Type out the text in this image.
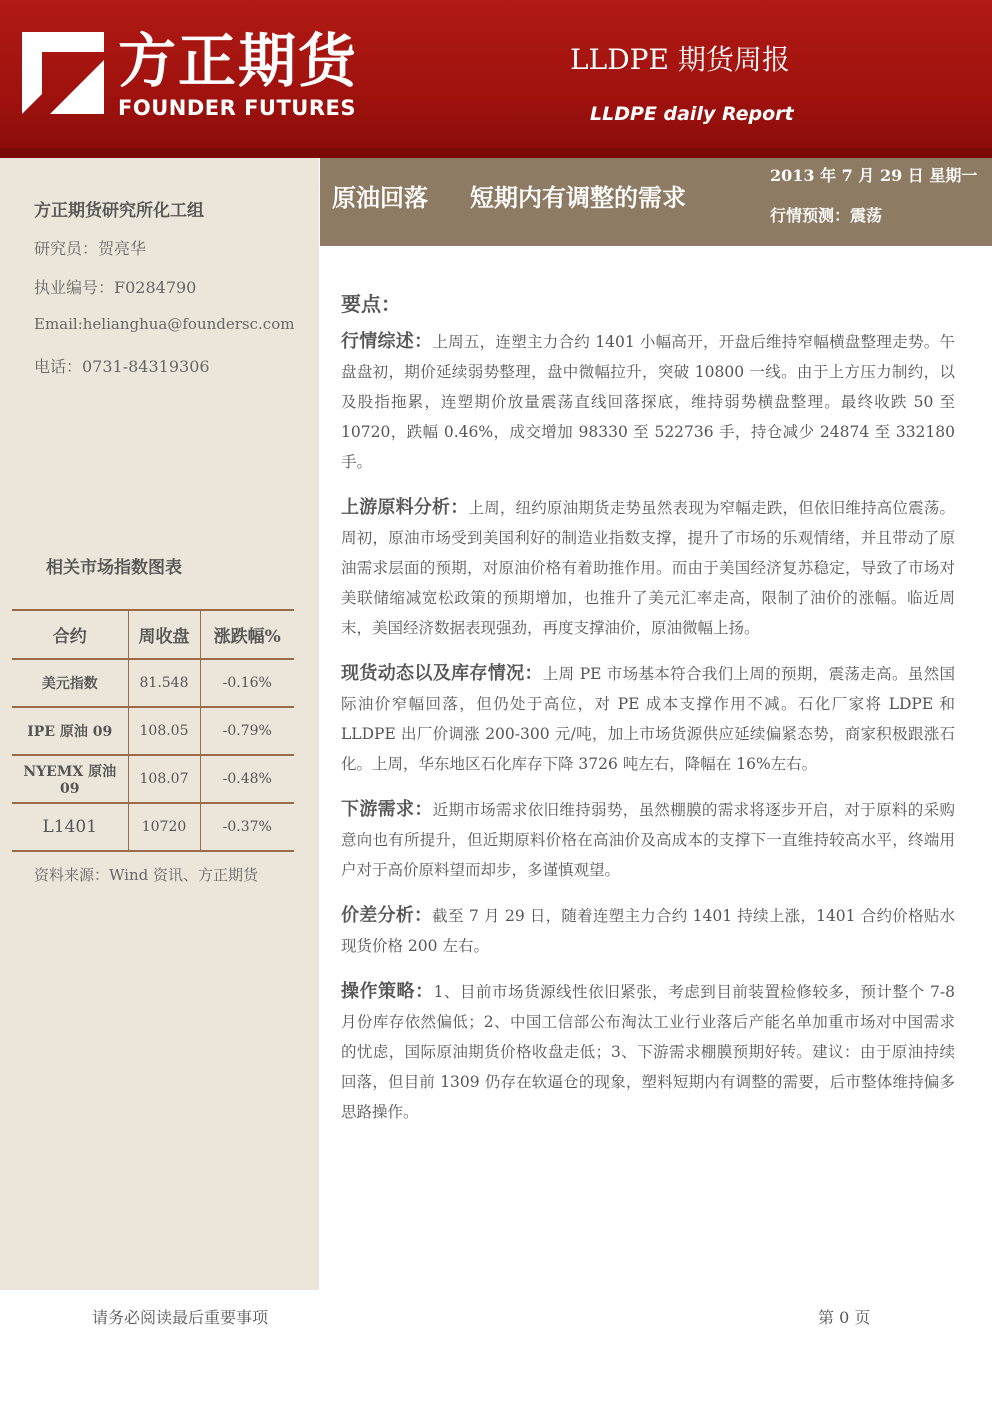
方正期货
FOUNDER FUTURES
LLDPE 期货周报
LLDPE daily Report
方正期货研究所化工组
研究员：贺亮华
执业编号：F0284790
Email:helianghua@foundersc.com
电话：0731-84319306
相关市场指数图表
合约	周收盘	涨跌幅%
美元指数	81.548	-0.16%
IPE 原油 09	108.05	-0.79%
NYEMX 原油 09	108.07	-0.48%
L1401	10720	-0.37%
资料来源：Wind 资讯、方正期货
原油回落 短期内有调整的需求
2013 年 7 月 29 日 星期一
行情预测：震荡
要点：

行情综述：上周五，连塑主力合约 1401 小幅高开，开盘后维持窄幅横盘整理走势。午盘盘初，期价延续弱势整理，盘中微幅拉升，突破 10800 一线。由于上方压力制约，以及股指拖累，连塑期价放量震荡直线回落探底，维持弱势横盘整理。最终收跌 50 至 10720，跌幅 0.46%，成交增加 98330 至 522736 手，持仓减少 24874 至 332180 手。

上游原料分析：上周，纽约原油期货走势虽然表现为窄幅走跌，但依旧维持高位震荡。周初，原油市场受到美国利好的制造业指数支撑，提升了市场的乐观情绪，并且带动了原油需求层面的预期，对原油价格有着助推作用。而由于美国经济复苏稳定，导致了市场对美联储缩减宽松政策的预期增加，也推升了美元汇率走高，限制了油价的涨幅。临近周末，美国经济数据表现强劲，再度支撑油价，原油微幅上扬。

现货动态以及库存情况：上周 PE 市场基本符合我们上周的预期，震荡走高。虽然国际油价窄幅回落，但仍处于高位，对 PE 成本支撑作用不减。石化厂家将 LDPE 和 LLDPE 出厂价调涨 200-300 元/吨，加上市场货源供应延续偏紧态势，商家积极跟涨石化。上周，华东地区石化库存下降 3726 吨左右，降幅在 16%左右。

下游需求：近期市场需求依旧维持弱势，虽然棚膜的需求将逐步开启，对于原料的采购意向也有所提升，但近期原料价格在高油价及高成本的支撑下一直维持较高水平，终端用户对于高价原料望而却步，多谨慎观望。

价差分析：截至 7 月 29 日，随着连塑主力合约 1401 持续上涨，1401 合约价格贴水现货价格 200 左右。

操作策略：1、目前市场货源线性依旧紧张，考虑到目前装置检修较多，预计整个 7-8 月份库存依然偏低；2、中国工信部公布淘汰工业行业落后产能名单加重市场对中国需求的忧虑，国际原油期货价格收盘走低；3、下游需求棚膜预期好转。建议：由于原油持续回落，但目前 1309 仍存在软逼仓的现象，塑料短期内有调整的需要，后市整体维持偏多思路操作。

请务必阅读最后重要事项	第 0 页
